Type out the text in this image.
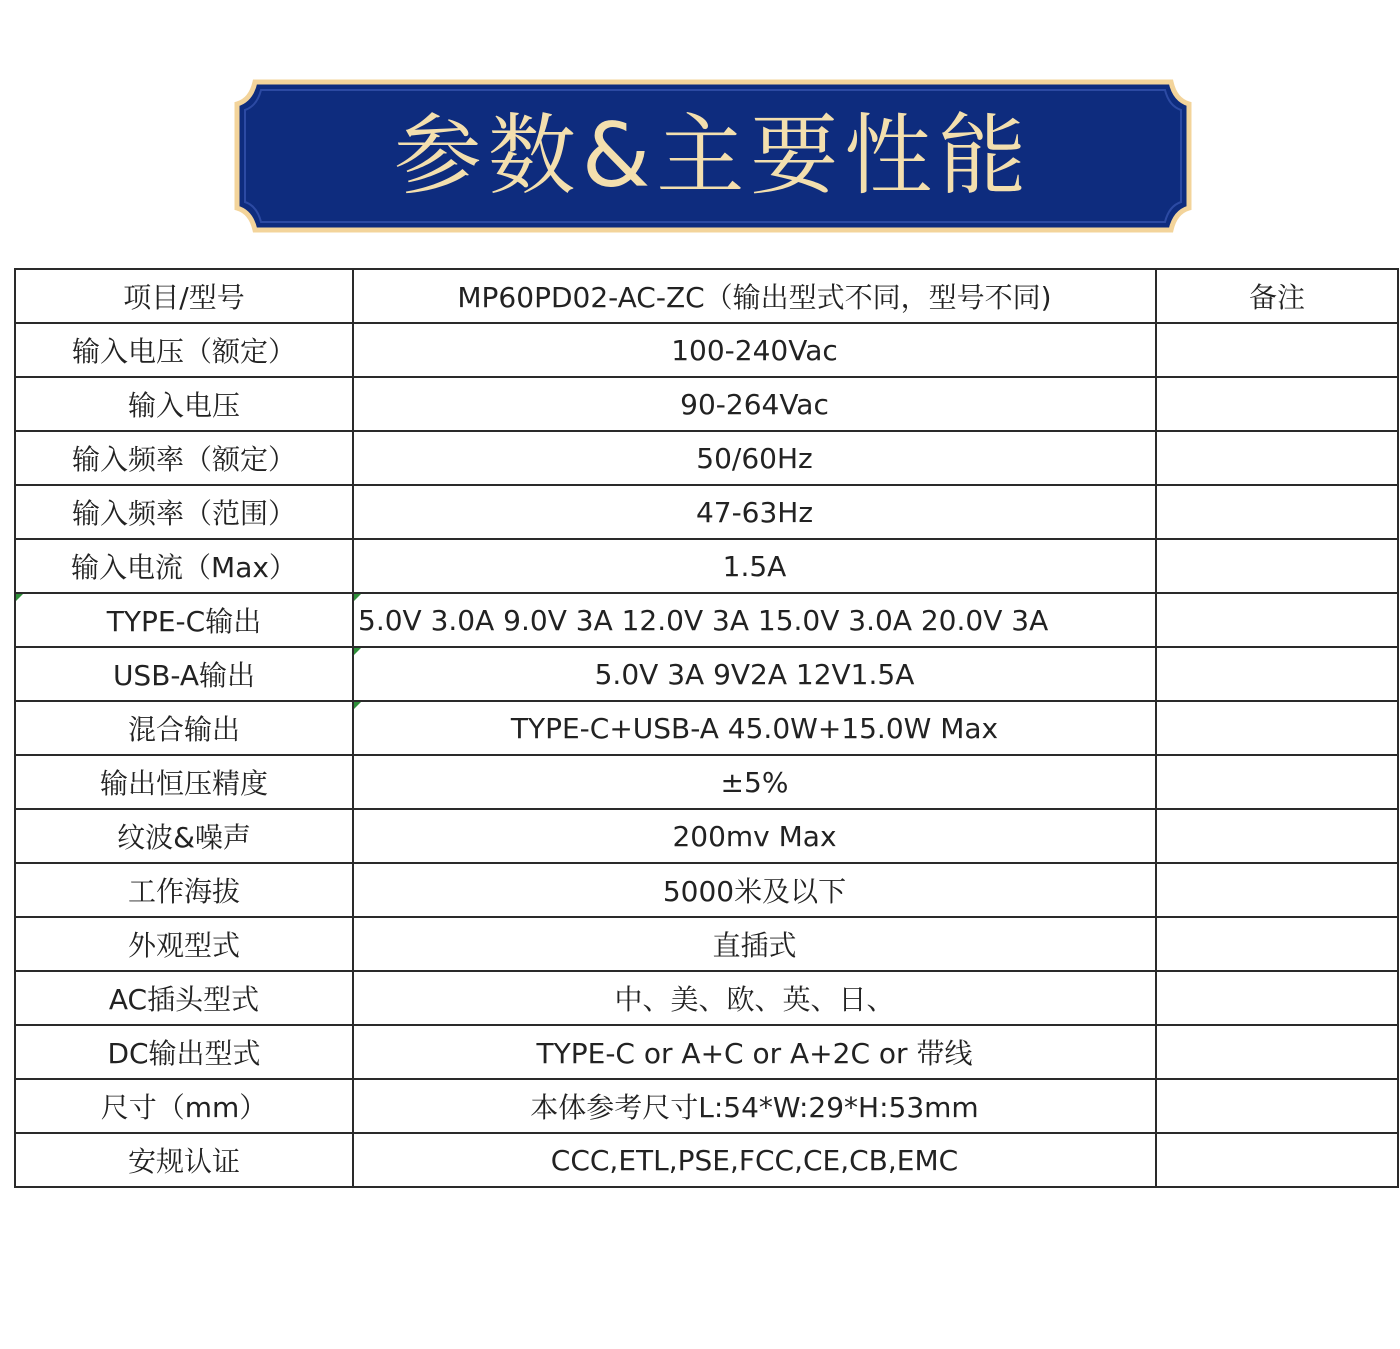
参数&主要性能
项目/型号	MP60PD02-AC-ZC（输出型式不同，型号不同)	备注
输入电压（额定）	100-240Vac	
输入电压	90-264Vac	
输入频率（额定）	50/60Hz	
输入频率（范围）	47-63Hz	
输入电流（Max）	1.5A	

TYPE-C输出	5.0V 3.0A 9.0V 3A 12.0V 3A 15.0V 3.0A 20.0V 3A	
USB-A输出	5.0V 3A 9V2A 12V1.5A	
混合输出	TYPE-C+USB-A 45.0W+15.0W Max	
输出恒压精度	±5%	
纹波&噪声	200mv Max	
工作海拔	5000米及以下	
外观型式	直插式	
AC插头型式	中、美、欧、英、日、	
DC输出型式	TYPE-C or A+C or A+2C or 带线	
尺寸（mm）	本体参考尺寸L:54*W:29*H:53mm	
安规认证	CCC,ETL,PSE,FCC,CE,CB,EMC	
